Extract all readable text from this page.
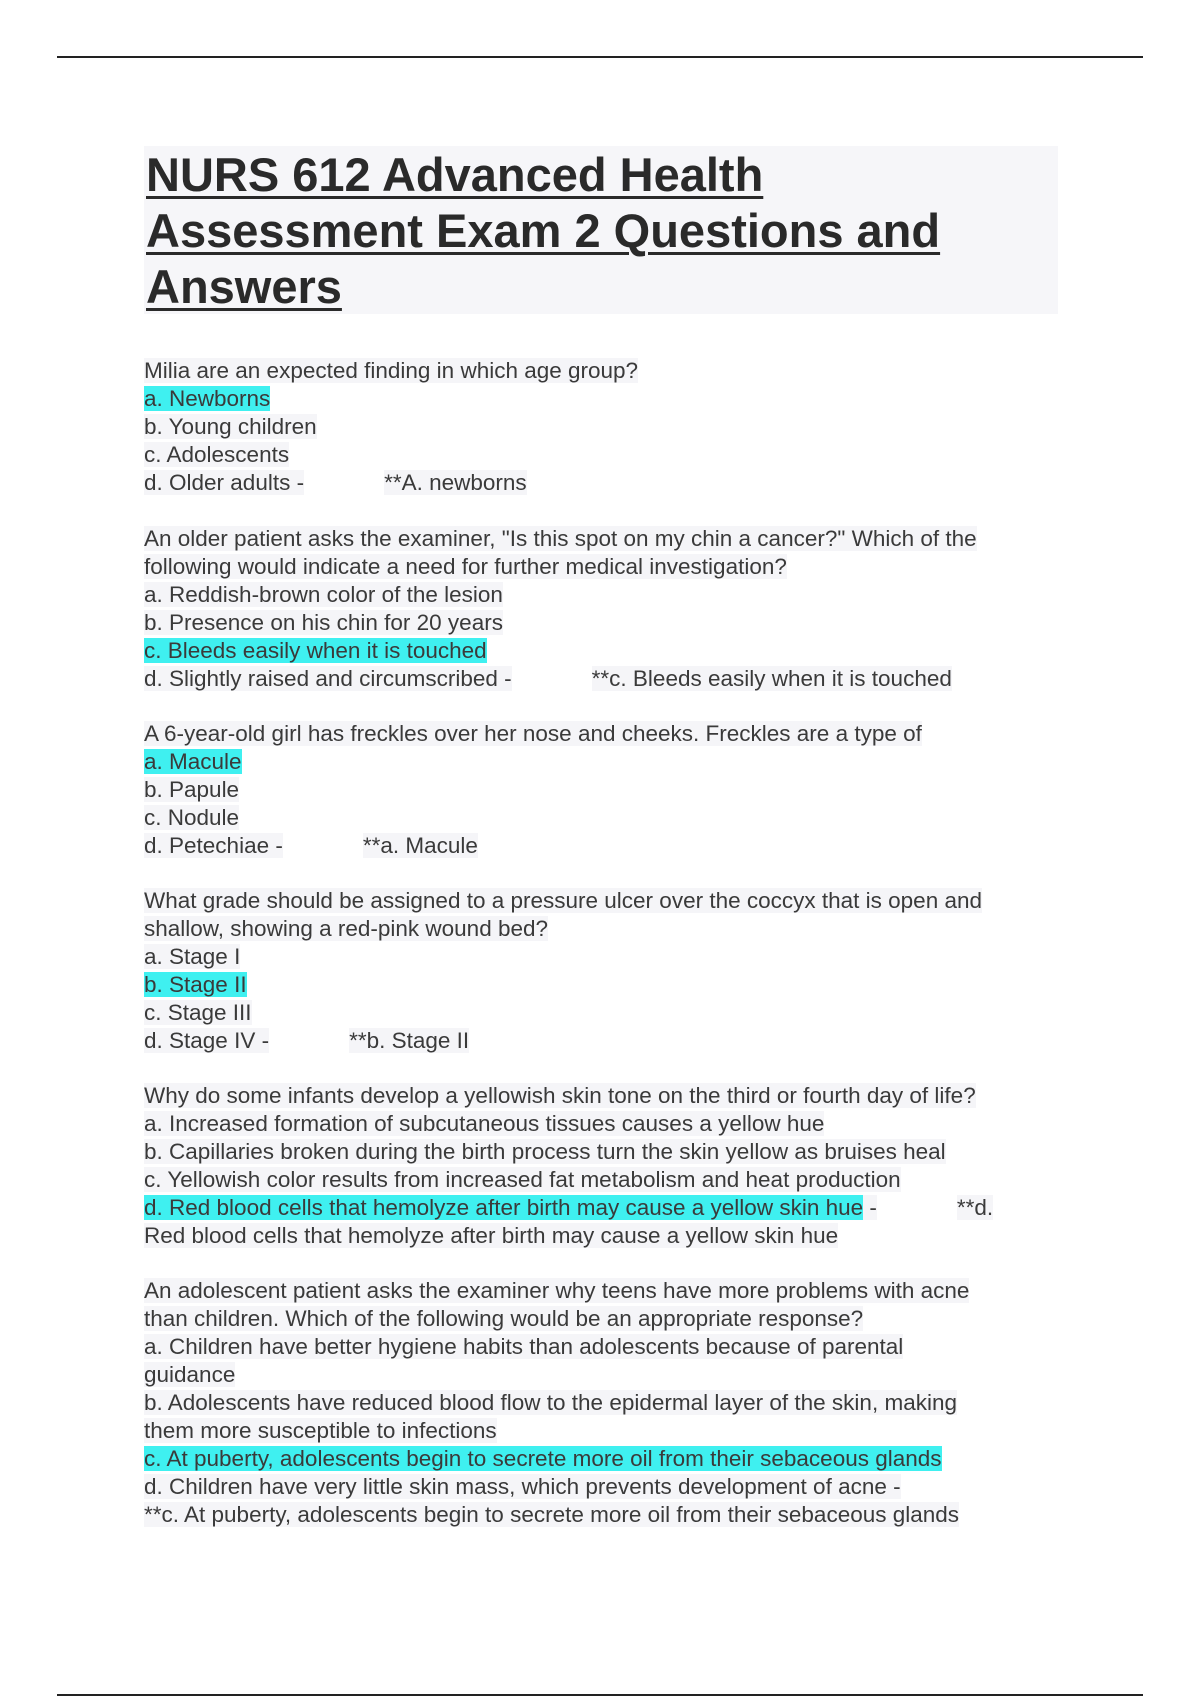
NURS 612 Advanced Health Assessment Exam 2 Questions and Answers
Milia are an expected finding in which age group?
a. Newborns
b. Young children
c. Adolescents
d. Older adults -	**A. newborns
An older patient asks the examiner, "Is this spot on my chin a cancer?" Which of the
following would indicate a need for further medical investigation?
a. Reddish-brown color of the lesion
b. Presence on his chin for 20 years
c. Bleeds easily when it is touched
d. Slightly raised and circumscribed -	**c. Bleeds easily when it is touched
A 6-year-old girl has freckles over her nose and cheeks. Freckles are a type of
a. Macule
b. Papule
c. Nodule
d. Petechiae -	**a. Macule
What grade should be assigned to a pressure ulcer over the coccyx that is open and
shallow, showing a red-pink wound bed?
a. Stage I
b. Stage II
c. Stage III
d. Stage IV -	**b. Stage II
Why do some infants develop a yellowish skin tone on the third or fourth day of life?
a. Increased formation of subcutaneous tissues causes a yellow hue
b. Capillaries broken during the birth process turn the skin yellow as bruises heal
c. Yellowish color results from increased fat metabolism and heat production
d. Red blood cells that hemolyze after birth may cause a yellow skin hue -	**d.
Red blood cells that hemolyze after birth may cause a yellow skin hue
An adolescent patient asks the examiner why teens have more problems with acne
than children. Which of the following would be an appropriate response?
a. Children have better hygiene habits than adolescents because of parental
guidance
b. Adolescents have reduced blood flow to the epidermal layer of the skin, making
them more susceptible to infections
c. At puberty, adolescents begin to secrete more oil from their sebaceous glands
d. Children have very little skin mass, which prevents development of acne -
**c. At puberty, adolescents begin to secrete more oil from their sebaceous glands
